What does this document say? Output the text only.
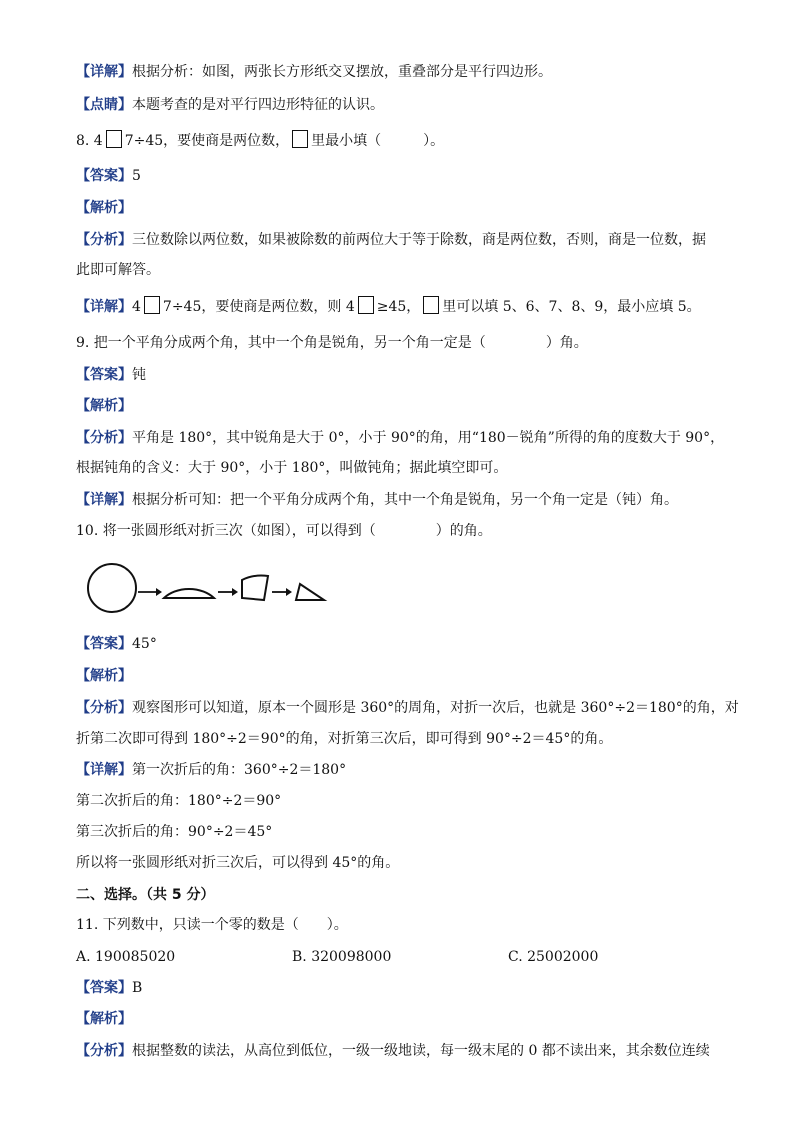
【详解】根据分析：如图，两张长方形纸交叉摆放，重叠部分是平行四边形。
【点睛】本题考查的是对平行四边形特征的认识。
8. 4 7÷45，要使商是两位数， 里最小填（	）。
【答案】5
【解析】
【分析】三位数除以两位数，如果被除数的前两位大于等于除数，商是两位数，否则，商是一位数，据
此即可解答。
【详解】4 7÷45，要使商是两位数，则 4 ≥45， 里可以填 5、6、7、8、9，最小应填 5。
9. 把一个平角分成两个角，其中一个角是锐角，另一个角一定是（	）角。
【答案】钝
【解析】
【分析】平角是 180°，其中锐角是大于 0°，小于 90°的角，用“180－锐角”所得的角的度数大于 90°，
根据钝角的含义：大于 90°，小于 180°，叫做钝角；据此填空即可。
【详解】根据分析可知：把一个平角分成两个角，其中一个角是锐角，另一个角一定是（钝）角。
10. 将一张圆形纸对折三次（如图），可以得到（	）的角。
【答案】45°
【解析】
【分析】观察图形可以知道，原本一个圆形是 360°的周角，对折一次后，也就是 360°÷2＝180°的角，对
折第二次即可得到 180°÷2＝90°的角，对折第三次后，即可得到 90°÷2＝45°的角。
【详解】第一次折后的角：360°÷2＝180°
第二次折后的角：180°÷2＝90°
第三次折后的角：90°÷2＝45°
所以将一张圆形纸对折三次后，可以得到 45°的角。
二、选择。（共 5 分）
11. 下列数中，只读一个零的数是（　　）。
A. 190085020	B. 320098000	C. 25002000
【答案】B
【解析】
【分析】根据整数的读法，从高位到低位，一级一级地读，每一级末尾的 0 都不读出来，其余数位连续
